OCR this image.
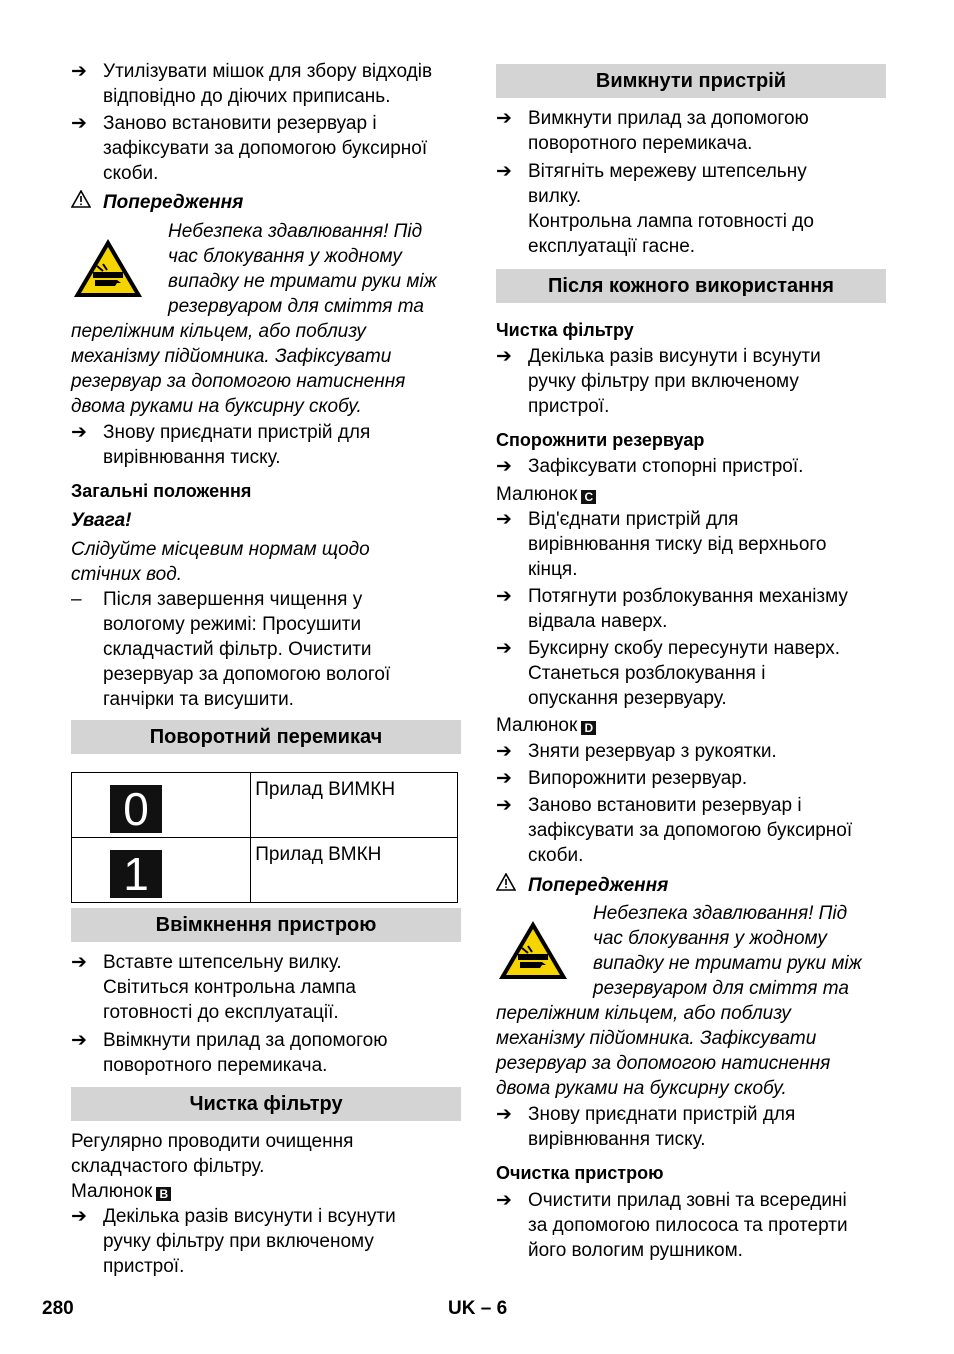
➔ Утилізувати мішок для збору відходів
відповідно до діючих приписань.
➔ Заново встановити резервуар і
зафіксувати за допомогою буксирної
скоби.
Попередження
Небезпека здавлювання! Під
час блокування у жодному
випадку не тримати руки між
резервуаром для сміття та
переліжним кільцем, або поблизу
механізму підйомника. Зафіксувати
резервуар за допомогою натиснення
двома руками на буксирну скобу.
➔ Знову приєднати пристрій для
вирівнювання тиску.
Загальні положення
Увага!
Слідуйте місцевим нормам щодо
стічних вод.
– Після завершення чищення у
вологому режимі: Просушити
складчастий фільтр. Очистити
резервуар за допомогою вологої
ганчірки та висушити.
Поворотний перемикач
0	Прилад ВИМКН

1	Прилад ВМКН
Ввімкнення пристрою
➔ Вставте штепсельну вилку.
Світиться контрольна лампа
готовності до експлуатації.
➔ Ввімкнути прилад за допомогою
поворотного перемикача.
Чистка фільтру
Регулярно проводити очищення
складчастого фільтру.
Малюнок B
➔ Декілька разів висунути і всунути
ручку фільтру при включеному
пристрої.
Вимкнути пристрій
➔ Вимкнути прилад за допомогою
поворотного перемикача.
➔ Вітягніть мережеву штепсельну
вилку.
Контрольна лампа готовності до
експлуатації гасне.
Після кожного використання
Чистка фільтру
➔ Декілька разів висунути і всунути
ручку фільтру при включеному
пристрої.
Спорожнити резервуар
➔ Зафіксувати стопорні пристрої.
Малюнок C
➔ Від'єднати пристрій для
вирівнювання тиску від верхнього
кінця.
➔ Потягнути розблокування механізму
відвала наверх.
➔ Буксирну скобу пересунути наверх.
Станеться розблокування і
опускання резервуару.
Малюнок D
➔ Зняти резервуар з рукоятки.
➔ Випорожнити резервуар.
➔ Заново встановити резервуар і
зафіксувати за допомогою буксирної
скоби.
Попередження
Небезпека здавлювання! Під
час блокування у жодному
випадку не тримати руки між
резервуаром для сміття та
переліжним кільцем, або поблизу
механізму підйомника. Зафіксувати
резервуар за допомогою натиснення
двома руками на буксирну скобу.
➔ Знову приєднати пристрій для
вирівнювання тиску.
Очистка пристрою
➔ Очистити прилад зовні та всередині
за допомогою пилососа та протерти
його вологим рушником.
280	UK – 6
